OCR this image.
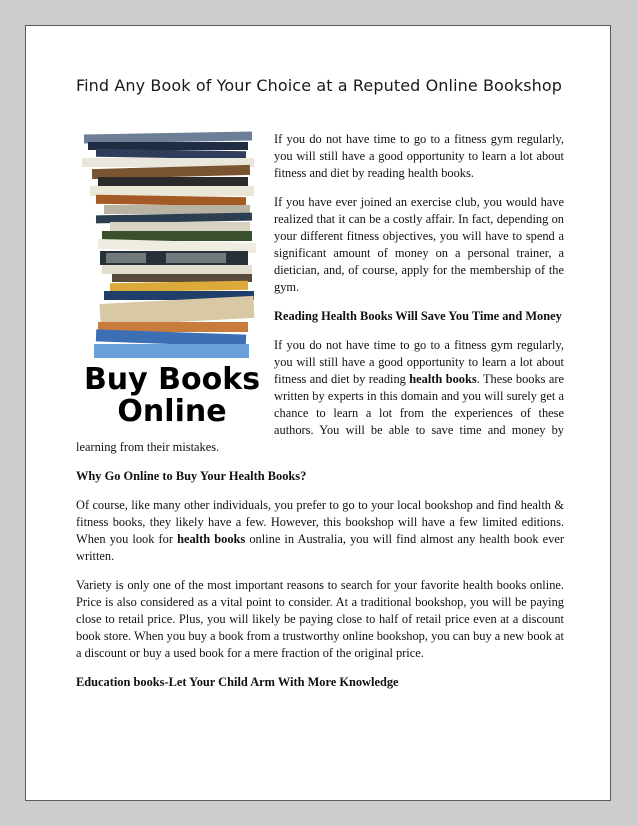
Find Any Book of Your Choice at a Reputed Online Bookshop
Buy Books
Online

If you do not have time to go to a fitness gym regularly, you will still have a good opportunity to learn a lot about fitness and diet by reading health books.

If you have ever joined an exercise club, you would have realized that it can be a costly affair. In fact, depending on your different fitness objectives, you will have to spend a significant amount of money on a personal trainer, a dietician, and, of course, apply for the membership of the gym.

Reading Health Books Will Save You Time and Money

If you do not have time to go to a fitness gym regularly, you will still have a good opportunity to learn a lot about fitness and diet by reading health books. These books are written by experts in this domain and you will surely get a chance to learn a lot from the experiences of these authors. You will be able to save time and money by learning from their mistakes.

Why Go Online to Buy Your Health Books?

Of course, like many other individuals, you prefer to go to your local bookshop and find health & fitness books, they likely have a few. However, this bookshop will have a few limited editions. When you look for health books online in Australia, you will find almost any health book ever written.

Variety is only one of the most important reasons to search for your favorite health books online. Price is also considered as a vital point to consider. At a traditional bookshop, you will be paying close to retail price. Plus, you will likely be paying close to half of retail price even at a discount book store. When you buy a book from a trustworthy online bookshop, you can buy a new book at a discount or buy a used book for a mere fraction of the original price.

Education books-Let Your Child Arm With More Knowledge
